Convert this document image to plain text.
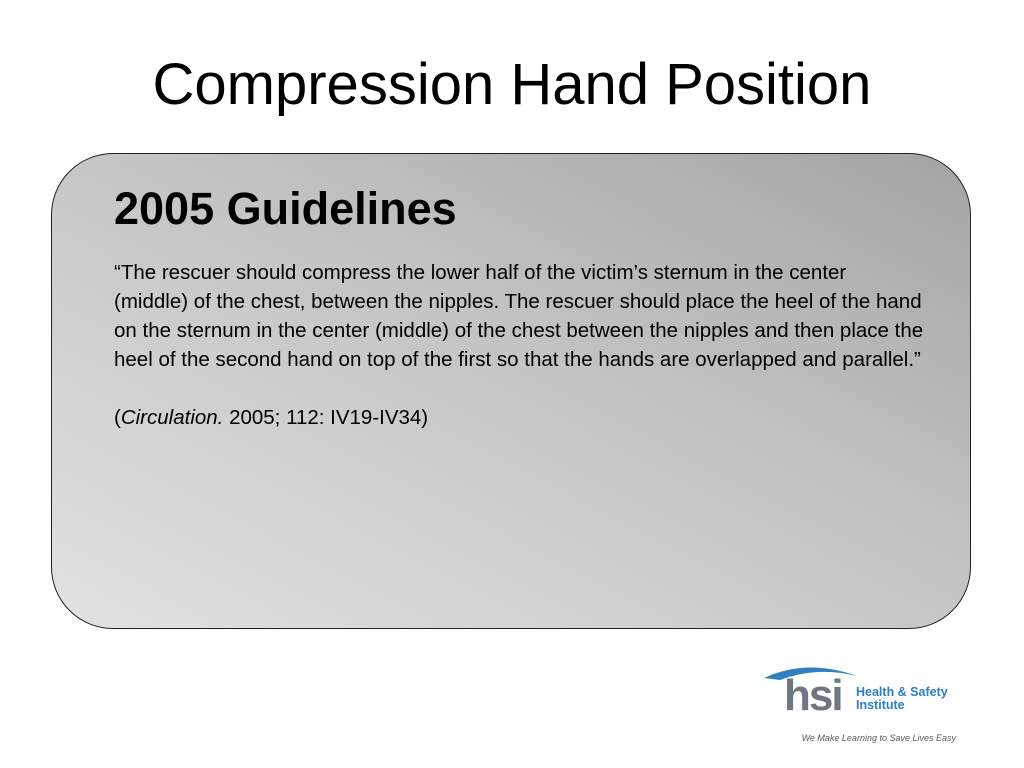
Compression Hand Position
2005 Guidelines

“The rescuer should compress the lower half of the victim’s sternum in the center (middle) of the chest, between the nipples. The rescuer should place the heel of the hand on the sternum in the center (middle) of the chest between the nipples and then place the heel of the second hand on top of the first so that the hands are overlapped and parallel.”

(Circulation. 2005; 112: IV19-IV34)

hsi Health & Safety
Institute
We Make Learning to Save Lives Easy
